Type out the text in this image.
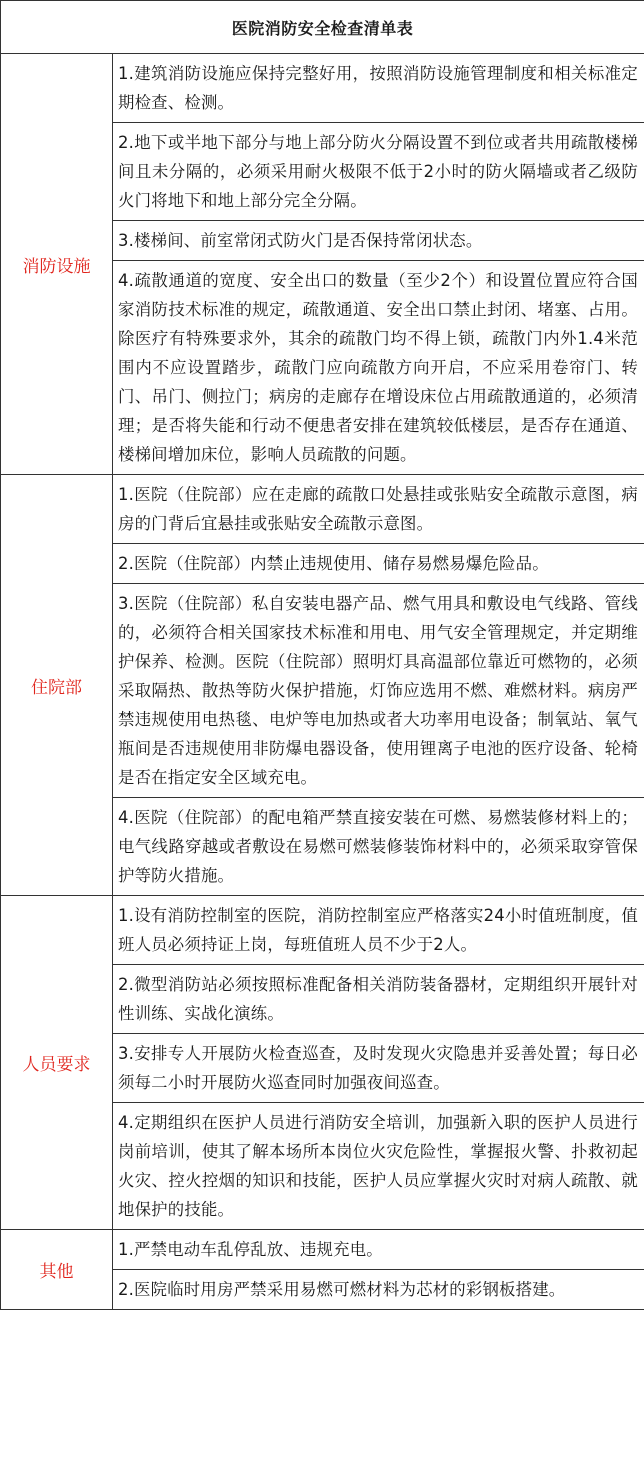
医院消防安全检查清单表	
消防设施	1.建筑消防设施应保持完整好用，按照消防设施管理制度和相关标准定期检查、检测。
	2.地下或半地下部分与地上部分防火分隔设置不到位或者共用疏散楼梯间且未分隔的，必须采用耐火极限不低于2小时的防火隔墙或者乙级防火门将地下和地上部分完全分隔。
	3.楼梯间、前室常闭式防火门是否保持常闭状态。
	4.疏散通道的宽度、安全出口的数量（至少2个）和设置位置应符合国家消防技术标准的规定，疏散通道、安全出口禁止封闭、堵塞、占用。除医疗有特殊要求外，其余的疏散门均不得上锁，疏散门内外1.4米范围内不应设置踏步，疏散门应向疏散方向开启，不应采用卷帘门、转门、吊门、侧拉门；病房的走廊存在增设床位占用疏散通道的，必须清理；是否将失能和行动不便患者安排在建筑较低楼层，是否存在通道、楼梯间增加床位，影响人员疏散的问题。
住院部	1.医院（住院部）应在走廊的疏散口处悬挂或张贴安全疏散示意图，病房的门背后宜悬挂或张贴安全疏散示意图。
	2.医院（住院部）内禁止违规使用、储存易燃易爆危险品。
	3.医院（住院部）私自安装电器产品、燃气用具和敷设电气线路、管线的，必须符合相关国家技术标准和用电、用气安全管理规定，并定期维护保养、检测。医院（住院部）照明灯具高温部位靠近可燃物的，必须采取隔热、散热等防火保护措施，灯饰应选用不燃、难燃材料。病房严禁违规使用电热毯、电炉等电加热或者大功率用电设备；制氧站、氧气瓶间是否违规使用非防爆电器设备，使用锂离子电池的医疗设备、轮椅是否在指定安全区域充电。
	4.医院（住院部）的配电箱严禁直接安装在可燃、易燃装修材料上的；电气线路穿越或者敷设在易燃可燃装修装饰材料中的，必须采取穿管保护等防火措施。
人员要求	1.设有消防控制室的医院，消防控制室应严格落实24小时值班制度，值班人员必须持证上岗，每班值班人员不少于2人。
	2.微型消防站必须按照标准配备相关消防装备器材，定期组织开展针对性训练、实战化演练。
	3.安排专人开展防火检查巡查，及时发现火灾隐患并妥善处置；每日必须每二小时开展防火巡查同时加强夜间巡查。
	4.定期组织在医护人员进行消防安全培训，加强新入职的医护人员进行岗前培训，使其了解本场所本岗位火灾危险性，掌握报火警、扑救初起火灾、控火控烟的知识和技能，医护人员应掌握火灾时对病人疏散、就地保护的技能。
其他	1.严禁电动车乱停乱放、违规充电。
	2.医院临时用房严禁采用易燃可燃材料为芯材的彩钢板搭建。
